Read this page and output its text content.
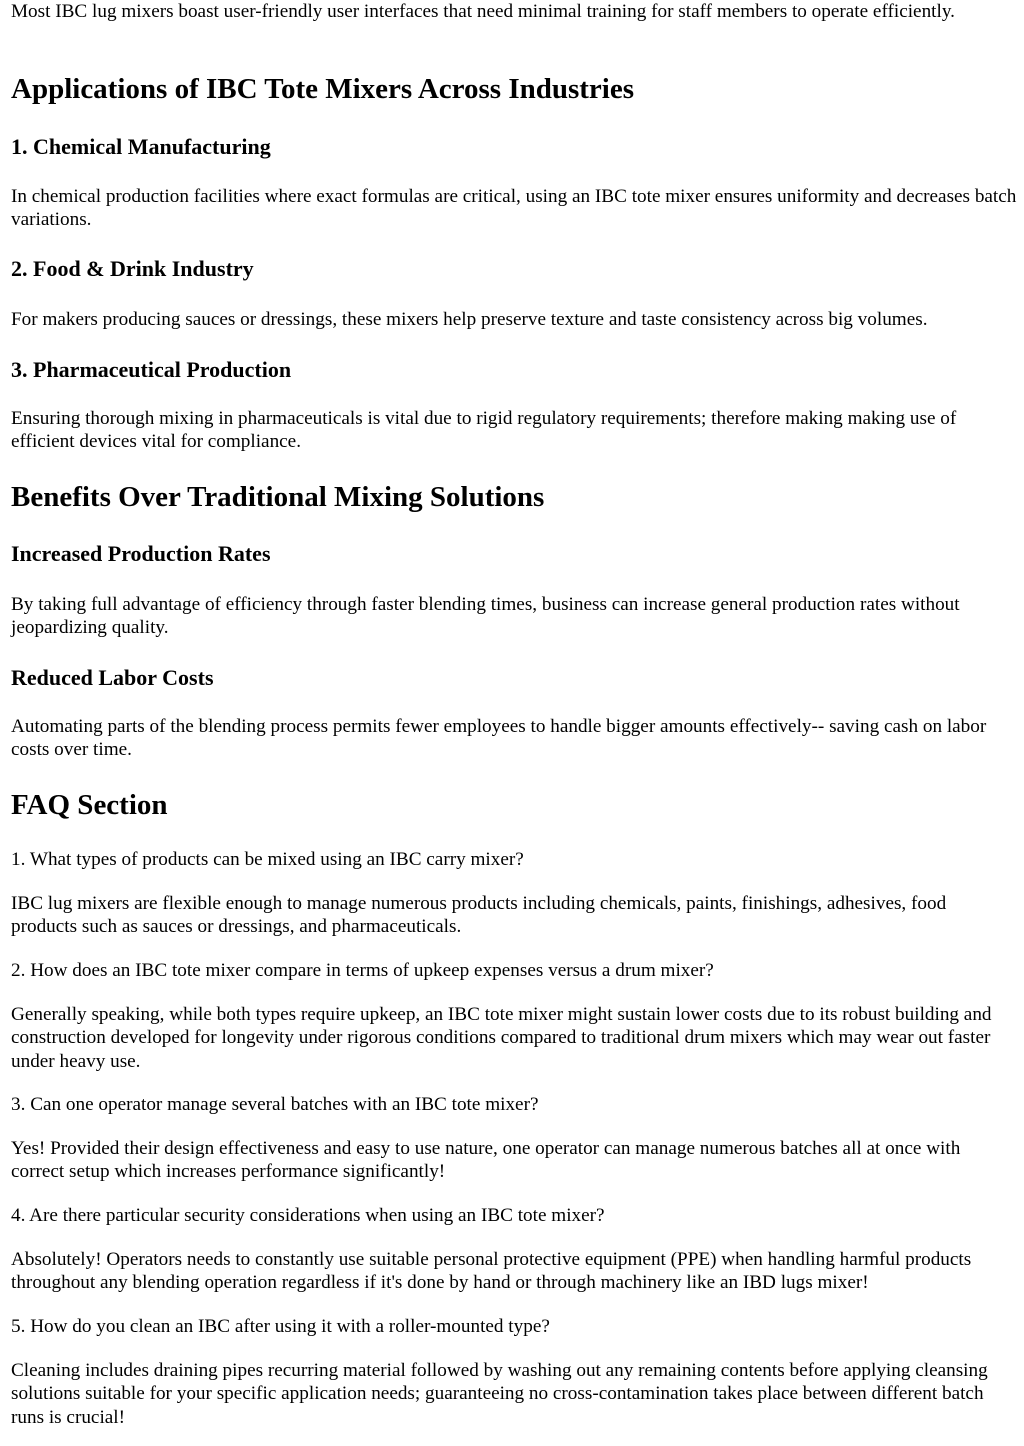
Most IBC lug mixers boast user-friendly user interfaces that need minimal training for staff members to operate efficiently.

Applications of IBC Tote Mixers Across Industries
1. Chemical Manufacturing

In chemical production facilities where exact formulas are critical, using an IBC tote mixer ensures uniformity and decreases batch variations.

2. Food & Drink Industry

For makers producing sauces or dressings, these mixers help preserve texture and taste consistency across big volumes.

3. Pharmaceutical Production

Ensuring thorough mixing in pharmaceuticals is vital due to rigid regulatory requirements; therefore making making use of efficient devices vital for compliance.

Benefits Over Traditional Mixing Solutions
Increased Production Rates

By taking full advantage of efficiency through faster blending times, business can increase general production rates without jeopardizing quality.

Reduced Labor Costs

Automating parts of the blending process permits fewer employees to handle bigger amounts effectively-- saving cash on labor costs over time.

FAQ Section

1. What types of products can be mixed using an IBC carry mixer?

IBC lug mixers are flexible enough to manage numerous products including chemicals, paints, finishings, adhesives, food products such as sauces or dressings, and pharmaceuticals.

2. How does an IBC tote mixer compare in terms of upkeep expenses versus a drum mixer?

Generally speaking, while both types require upkeep, an IBC tote mixer might sustain lower costs due to its robust building and construction developed for longevity under rigorous conditions compared to traditional drum mixers which may wear out faster under heavy use.

3. Can one operator manage several batches with an IBC tote mixer?

Yes! Provided their design effectiveness and easy to use nature, one operator can manage numerous batches all at once with correct setup which increases performance significantly!

4. Are there particular security considerations when using an IBC tote mixer?

Absolutely! Operators needs to constantly use suitable personal protective equipment (PPE) when handling harmful products throughout any blending operation regardless if it's done by hand or through machinery like an IBD lugs mixer!

5. How do you clean an IBC after using it with a roller-mounted type?

Cleaning includes draining pipes recurring material followed by washing out any remaining contents before applying cleansing solutions suitable for your specific application needs; guaranteeing no cross-contamination takes place between different batch runs is crucial!
